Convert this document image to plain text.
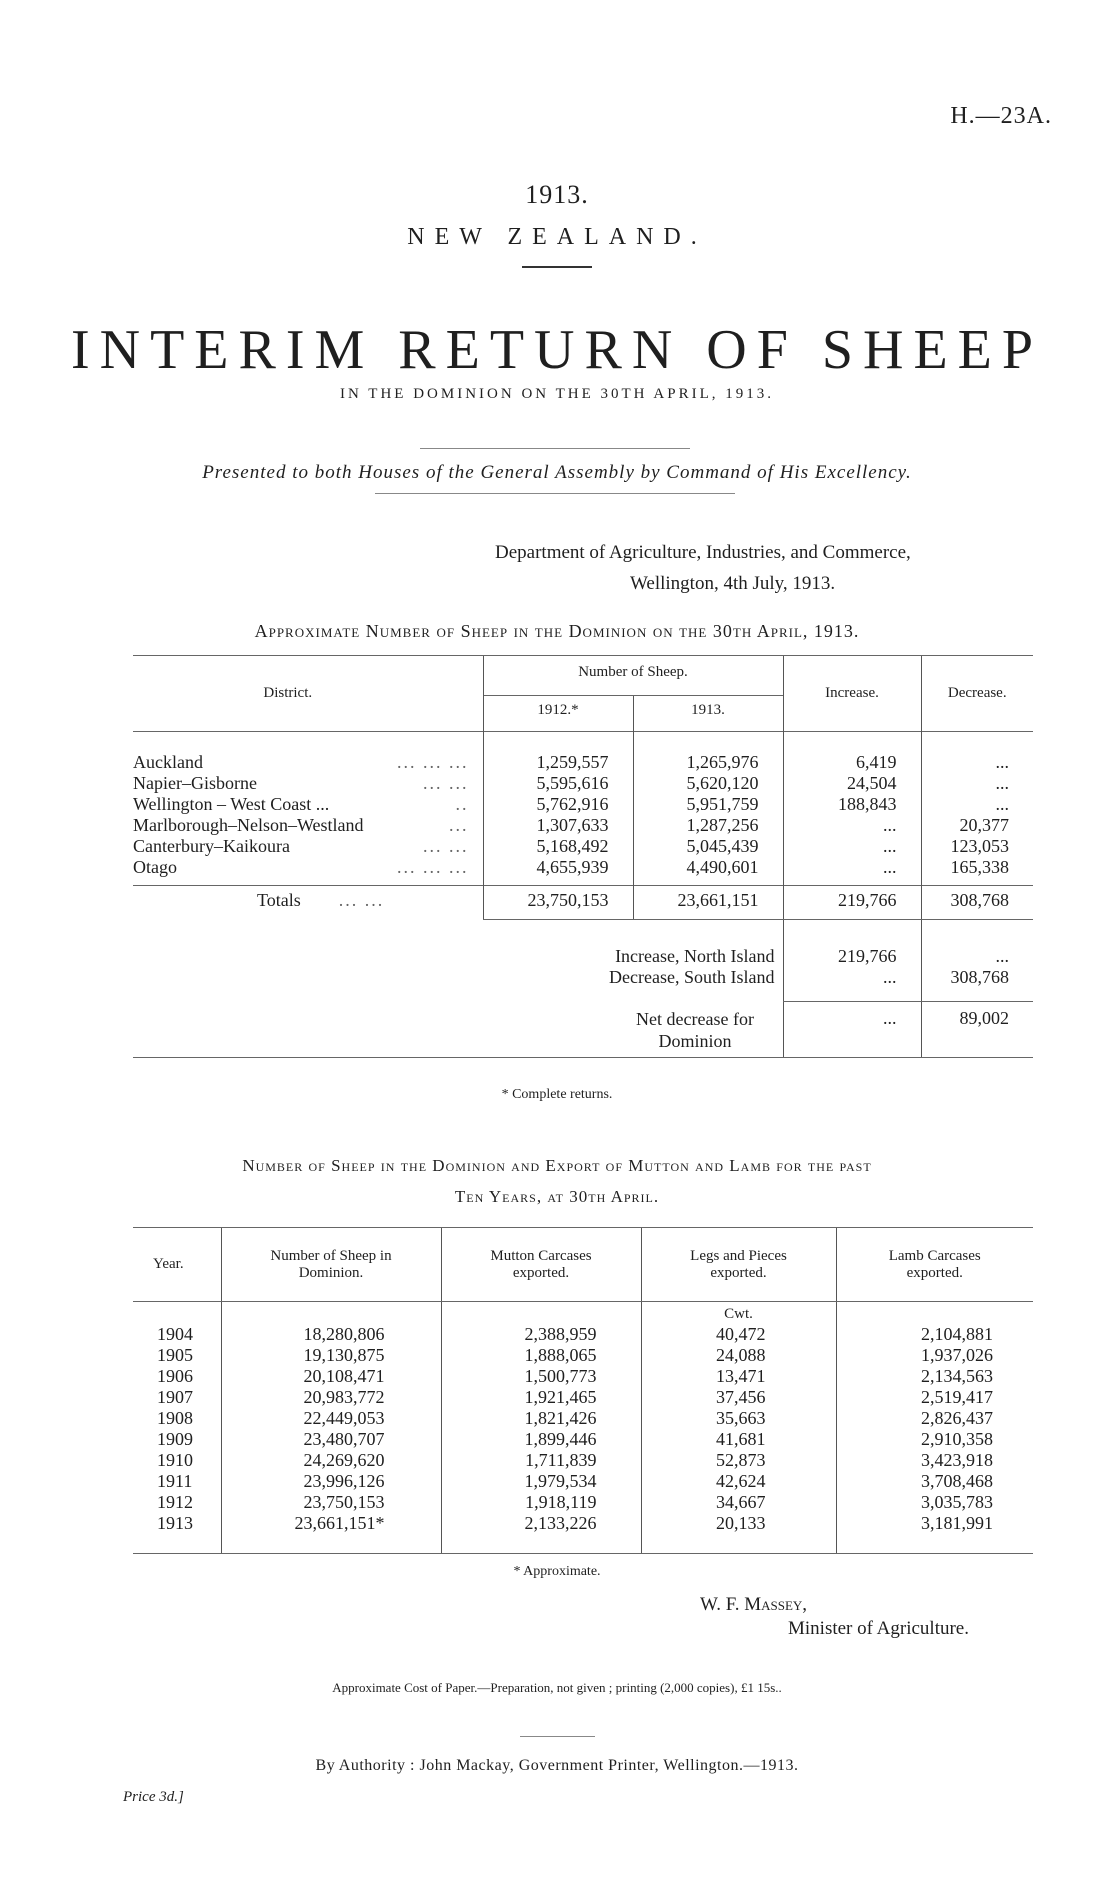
H.—23A.
1913.
NEW ZEALAND.
INTERIM RETURN OF SHEEP
IN THE DOMINION ON THE 30TH APRIL, 1913.
Presented to both Houses of the General Assembly by Command of His Excellency.
Department of Agriculture, Industries, and Commerce,
Wellington, 4th July, 1913.
Approximate Number of Sheep in the Dominion on the 30th April, 1913.
District.	Number of Sheep.		Increase.	Decrease.
	1912.*	1913.		

Auckland ... ... ...	1,259,557	1,265,976	6,419	...
Napier–Gisborne ... ...	5,595,616	5,620,120	24,504	...
Wellington – West Coast ... ..	5,762,916	5,951,759	188,843	...
Marlborough–Nelson–Westland ...	1,307,633	1,287,256	...	20,377
Canterbury–Kaikoura ... ...	5,168,492	5,045,439	...	123,053
Otago ... ... ...	4,655,939	4,490,601	...	165,338

Totals ... ...	23,750,153	23,661,151	219,766	308,768

Increase, North Island			219,766	...
Decrease, South Island			...	308,768

Net decrease for Dominion			...	89,002

* Complete returns.
Number of Sheep in the Dominion and Export of Mutton and Lamb for the past
Ten Years, at 30th April.
Year.	Number of Sheep in Dominion.	Mutton Carcases exported.	Legs and Pieces exported.	Lamb Carcases exported.
			Cwt.	
1904	18,280,806	2,388,959	40,472	2,104,881
1905	19,130,875	1,888,065	24,088	1,937,026
1906	20,108,471	1,500,773	13,471	2,134,563
1907	20,983,772	1,921,465	37,456	2,519,417
1908	22,449,053	1,821,426	35,663	2,826,437
1909	23,480,707	1,899,446	41,681	2,910,358
1910	24,269,620	1,711,839	52,873	3,423,918
1911	23,996,126	1,979,534	42,624	3,708,468
1912	23,750,153	1,918,119	34,667	3,035,783
1913	23,661,151*	2,133,226	20,133	3,181,991

* Approximate.
W. F. Massey,
Minister of Agriculture.
Approximate Cost of Paper.—Preparation, not given ; printing (2,000 copies), £1 15s..
By Authority : John Mackay, Government Printer, Wellington.—1913.
Price 3d.]
